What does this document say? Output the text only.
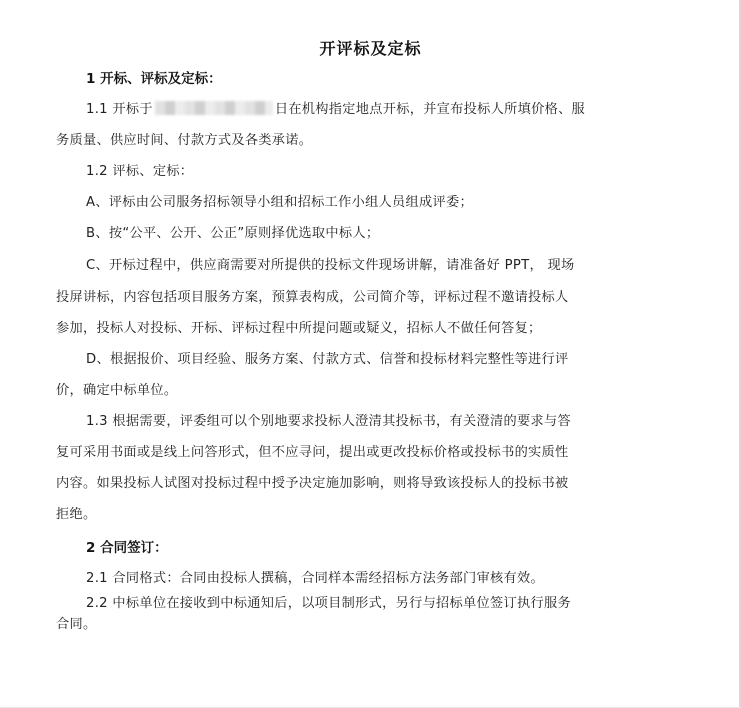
开评标及定标
1 开标、评标及定标：
1.1 开标于	日在机构指定地点开标，并宣布投标人所填价格、服
务质量、供应时间、付款方式及各类承诺。
1.2 评标、定标：
A、评标由公司服务招标领导小组和招标工作小组人员组成评委；
B、按“公平、公开、公正”原则择优选取中标人；
C、开标过程中，供应商需要对所提供的投标文件现场讲解，请准备好 PPT， 现场
投屏讲标，内容包括项目服务方案，预算表构成，公司简介等，评标过程不邀请投标人
参加，投标人对投标、开标、评标过程中所提问题或疑义，招标人不做任何答复；
D、根据报价、项目经验、服务方案、付款方式、信誉和投标材料完整性等进行评
价，确定中标单位。
1.3 根据需要，评委组可以个别地要求投标人澄清其投标书，有关澄清的要求与答
复可采用书面或是线上问答形式，但不应寻问，提出或更改投标价格或投标书的实质性
内容。如果投标人试图对投标过程中授予决定施加影响，则将导致该投标人的投标书被
拒绝。
2 合同签订：
2.1 合同格式：合同由投标人撰稿，合同样本需经招标方法务部门审核有效。
2.2 中标单位在接收到中标通知后，以项目制形式，另行与招标单位签订执行服务
合同。
